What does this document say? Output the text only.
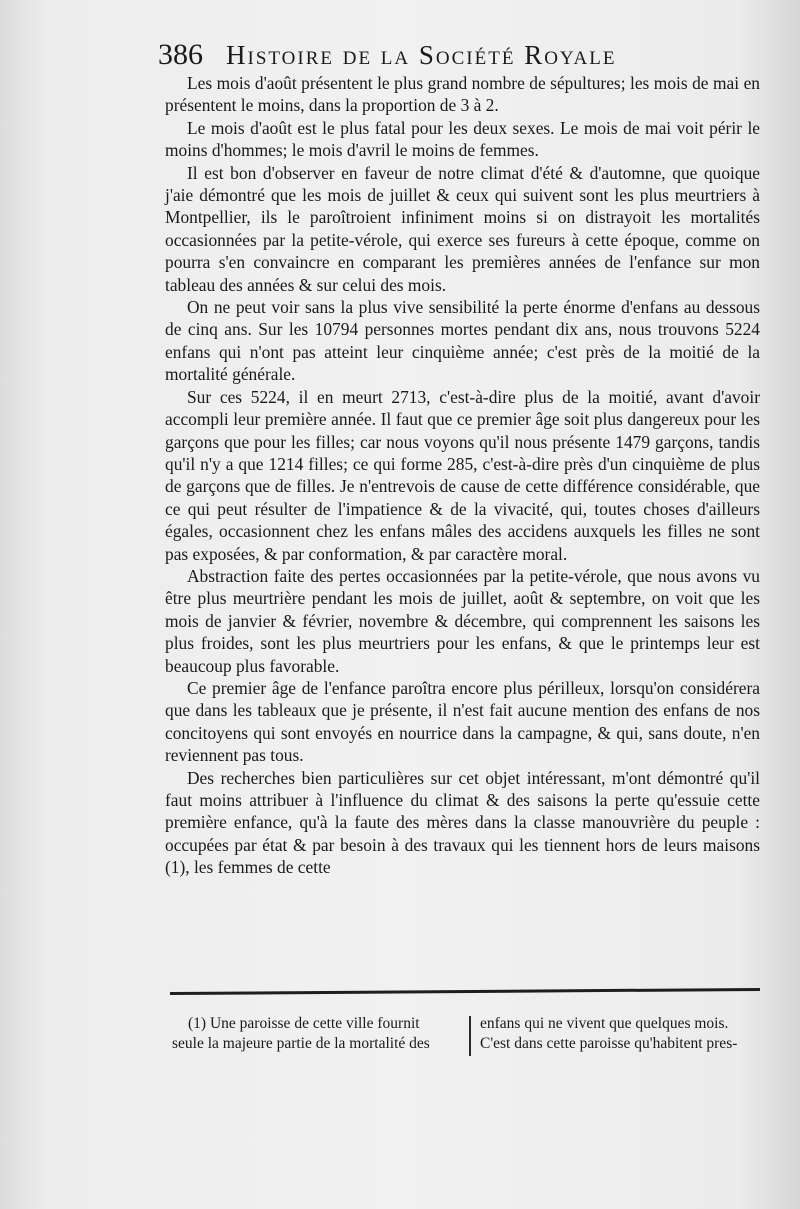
386 Histoire de la Société Royale

Les mois d'août présentent le plus grand nombre de sépultures; les mois de mai en présentent le moins, dans la proportion de 3 à 2.

Le mois d'août est le plus fatal pour les deux sexes. Le mois de mai voit périr le moins d'hommes; le mois d'avril le moins de femmes.

Il est bon d'observer en faveur de notre climat d'été & d'automne, que quoique j'aie démontré que les mois de juillet & ceux qui suivent sont les plus meurtriers à Montpellier, ils le paroîtroient infiniment moins si on distrayoit les mortalités occasionnées par la petite-vérole, qui exerce ses fureurs à cette époque, comme on pourra s'en convaincre en comparant les premières années de l'enfance sur mon tableau des années & sur celui des mois.

On ne peut voir sans la plus vive sensibilité la perte énorme d'enfans au dessous de cinq ans. Sur les 10794 personnes mortes pendant dix ans, nous trouvons 5224 enfans qui n'ont pas atteint leur cinquième année; c'est près de la moitié de la mortalité générale.

Sur ces 5224, il en meurt 2713, c'est-à-dire plus de la moitié, avant d'avoir accompli leur première année. Il faut que ce premier âge soit plus dangereux pour les garçons que pour les filles; car nous voyons qu'il nous présente 1479 garçons, tandis qu'il n'y a que 1214 filles; ce qui forme 285, c'est-à-dire près d'un cinquième de plus de garçons que de filles. Je n'entrevois de cause de cette différence considérable, que ce qui peut résulter de l'impatience & de la vivacité, qui, toutes choses d'ailleurs égales, occasionnent chez les enfans mâles des accidens auxquels les filles ne sont pas exposées, & par conformation, & par caractère moral.

Abstraction faite des pertes occasionnées par la petite-vérole, que nous avons vu être plus meurtrière pendant les mois de juillet, août & septembre, on voit que les mois de janvier & février, novembre & décembre, qui comprennent les saisons les plus froides, sont les plus meurtriers pour les enfans, & que le printemps leur est beaucoup plus favorable.

Ce premier âge de l'enfance paroîtra encore plus périlleux, lorsqu'on considérera que dans les tableaux que je présente, il n'est fait aucune mention des enfans de nos concitoyens qui sont envoyés en nourrice dans la campagne, & qui, sans doute, n'en reviennent pas tous.

Des recherches bien particulières sur cet objet intéressant, m'ont démontré qu'il faut moins attribuer à l'influence du climat & des saisons la perte qu'essuie cette première enfance, qu'à la faute des mères dans la classe manouvrière du peuple : occupées par état & par besoin à des travaux qui les tiennent hors de leurs maisons (1), les femmes de cette

(1) Une paroisse de cette ville fournit
seule la majeure partie de la mortalité des
enfans qui ne vivent que quelques mois.
C'est dans cette paroisse qu'habitent pres-
